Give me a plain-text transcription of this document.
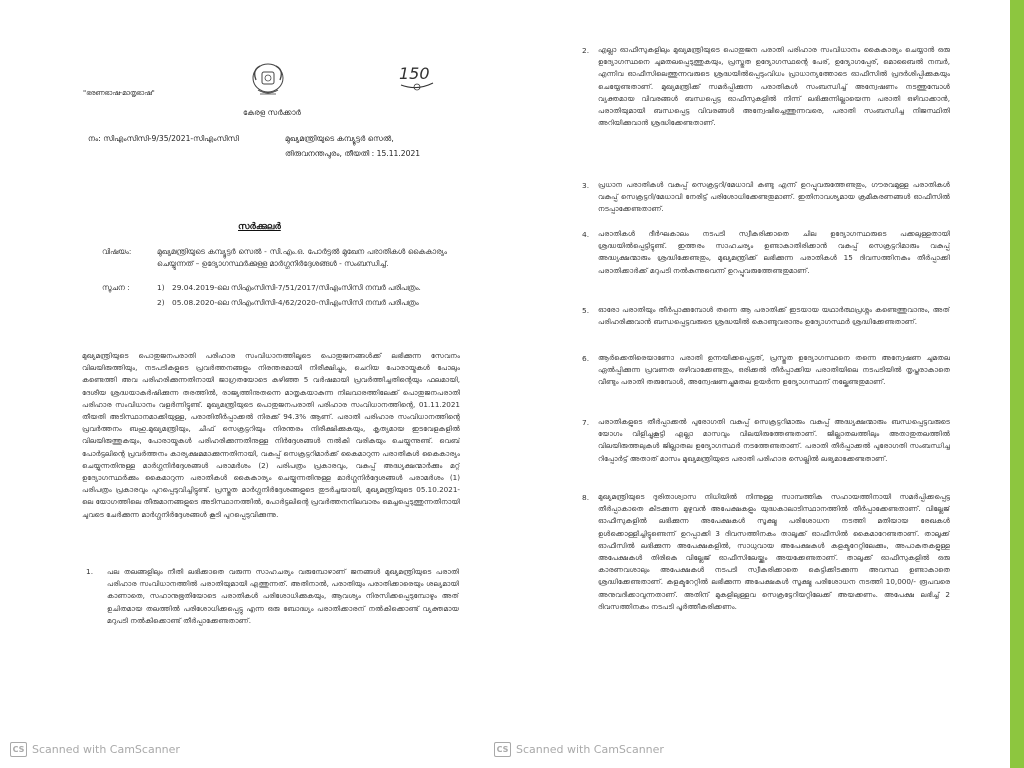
"ഭരണഭാഷ-മാതൃഭാഷ"
150
കേരള സർക്കാർ
നം: സിഎംസിസി-9/35/2021-സിഎംസിസി	മുഖ്യമന്ത്രിയുടെ കമ്പ്യൂട്ടർ സെൽ,
തിരുവനന്തപുരം, തീയതി : 15.11.2021
സർക്കുലർ
വിഷയം:	മുഖ്യമന്ത്രിയുടെ കമ്പ്യൂട്ടർ സെൽ - സി.എം.ഒ. പോർട്ടൽ മുഖേന പരാതികൾ കൈകാര്യം ചെയ്യുന്നത് – ഉദ്യോഗസ്ഥർക്കുള്ള മാർഗ്ഗനിർദ്ദേശങ്ങൾ - സംബന്ധിച്ച്.
സൂചന :	1) 29.04.2019-ലെ സിഎംസിസി-7/51/2017/സിഎംസിസി നമ്പർ പരിപത്രം.
2) 05.08.2020-ലെ സിഎംസിസി-4/62/2020-സിഎംസിസി നമ്പർ പരിപത്രം
മുഖ്യമന്ത്രിയുടെ പൊതുജനപരാതി പരിഹാര സംവിധാനത്തിലൂടെ പൊതുജനങ്ങൾക്ക് ലഭിക്കുന്ന സേവനം വിലയിരുത്തിയും, നടപടികളുടെ പ്രവർത്തനങ്ങളും നിരന്തരമായി നിരീക്ഷിച്ചും, ചെറിയ പോരായ്മകൾ പോലും കണ്ടെത്തി അവ പരിഹരിക്കുന്നതിനായി ജാഗ്രതയോടെ കഴിഞ്ഞ 5 വർഷമായി പ്രവർത്തിച്ചതിന്റെയും ഫലമായി, ദേശീയ ശ്രദ്ധയാകർഷിക്കുന്ന തരത്തിൽ, രാജ്യത്തിനുതന്നെ മാതൃകയാകുന്ന നിലവാരത്തിലേക്ക് പൊതുജനപരാതി പരിഹാര സംവിധാനം വളർന്നിട്ടുണ്ട്. മുഖ്യമന്ത്രിയുടെ പൊതുജനപരാതി പരിഹാര സംവിധാനത്തിന്റെ, 01.11.2021 തീയതി അടിസ്ഥാനമാക്കിയുള്ള, പരാതിതീർപ്പാക്കൽ നിരക്ക് 94.3% ആണ്. പരാതി പരിഹാര സംവിധാനത്തിന്റെ പ്രവർത്തനം ബഹു.മുഖ്യമന്ത്രിയും, ചീഫ് സെക്രട്ടറിയും നിരന്തരം നിരീക്ഷിക്കുകയും, കൃത്യമായ ഇടവേളകളിൽ വിലയിരുത്തുകയും, പോരായ്മകൾ പരിഹരിക്കുന്നതിനുള്ള നിർദ്ദേശങ്ങൾ നൽകി വരികയും ചെയ്യുന്നുണ്ട്. വെബ് പോർട്ടലിന്റെ പ്രവർത്തനം കാര്യക്ഷമമാക്കുന്നതിനായി, വകുപ്പ് സെക്രട്ടറിമാർക്ക് കൈമാറുന്ന പരാതികൾ കൈകാര്യം ചെയ്യുന്നതിനുള്ള മാർഗ്ഗനിർദ്ദേശങ്ങൾ പരാമർശം (2) പരിപത്രം പ്രകാരവും, വകുപ്പ് അദ്ധ്യക്ഷന്മാർക്കും മറ്റ് ഉദ്യോഗസ്ഥർക്കും കൈമാറുന്ന പരാതികൾ കൈകാര്യം ചെയ്യുന്നതിനുള്ള മാർഗ്ഗനിർദ്ദേശങ്ങൾ പരാമർശം (1) പരിപത്രം പ്രകാരവും പുറപ്പെടുവിച്ചിട്ടുണ്ട്. പ്രസ്തുത മാർഗ്ഗനിർദ്ദേശങ്ങളുടെ തുടർച്ചയായി, മുഖ്യമന്ത്രിയുടെ 05.10.2021-ലെ യോഗത്തിലെ തീരുമാനങ്ങളുടെ അടിസ്ഥാനത്തിൽ, പോർട്ടലിന്റെ പ്രവർത്തനനിലവാരം മെച്ചപ്പെടുത്തുന്നതിനായി ചുവടെ ചേർക്കുന്ന മാർഗ്ഗനിർദ്ദേശങ്ങൾ കൂടി പുറപ്പെടുവിക്കുന്നു.
1. പല തലങ്ങളിലും നീതി ലഭിക്കാതെ വരുന്ന സാഹചര്യം വരുമ്പോഴാണ് ജനങ്ങൾ മുഖ്യമന്ത്രിയുടെ പരാതി പരിഹാര സംവിധാനത്തിൽ പരാതിയുമായി എത്തുന്നത്. അതിനാൽ, പരാതിയും പരാതിക്കാരെയും ശല്യമായി കാണാതെ, സഹാനുഭൂതിയോടെ പരാതികൾ പരിശോധിക്കുകയും, ആവശ്യം നിരസിക്കപ്പെടുമ്പോഴും അത് ഉചിതമായ തലത്തിൽ പരിശോധിക്കപ്പെട്ടു എന്ന ഒരു ബോദ്ധ്യം പരാതിക്കാരന് നൽകിക്കൊണ്ട് വ്യക്തമായ മറുപടി നൽകിക്കൊണ്ട് തീർപ്പാക്കേണ്ടതാണ്.
CS Scanned with CamScanner
2. എല്ലാ ഓഫീസുകളിലും മുഖ്യമന്ത്രിയുടെ പൊതുജന പരാതി പരിഹാര സംവിധാനം കൈകാര്യം ചെയ്യാൻ ഒരു ഉദ്യോഗസ്ഥനെ ചുമതലപ്പെടുത്തുകയും, പ്രസ്തുത ഉദ്യോഗസ്ഥന്റെ പേര്, ഉദ്യോഗപ്പേര്, മൊബൈൽ നമ്പർ, എന്നിവ ഓഫീസിലെത്തുന്നവരുടെ ശ്രദ്ധയിൽപ്പെടുംവിധം പ്രാധാന്യത്തോടെ ഓഫീസിൽ പ്രദർശിപ്പിക്കുകയും ചെയ്യേണ്ടതാണ്. മുഖ്യമന്ത്രിക്ക് സമർപ്പിക്കുന്ന പരാതികൾ സംബന്ധിച്ച് അന്വേഷണം നടത്തുമ്പോൾ വ്യക്തമായ വിവരങ്ങൾ ബന്ധപ്പെട്ട ഓഫീസുകളിൽ നിന്ന് ലഭിക്കുന്നില്ലായെന്ന പരാതി ഒഴിവാക്കാൻ, പരാതിയുമായി ബന്ധപ്പെട്ട വിവരങ്ങൾ അന്വേഷിച്ചെത്തുന്നവരെ, പരാതി സംബന്ധിച്ച നിജസ്ഥിതി അറിയിക്കുവാൻ ശ്രദ്ധിക്കേണ്ടതാണ്.
3. പ്രധാന പരാതികൾ വകുപ്പ് സെക്രട്ടറി/മേധാവി കണ്ടു എന്ന് ഉറപ്പുവരുത്തേണ്ടതും, ഗൗരവമുള്ള പരാതികൾ വകുപ്പ് സെക്രട്ടറി/മേധാവി നേരിട്ട് പരിശോധിക്കേണ്ടതുമാണ്. ഇതിനാവശ്യമായ ക്രമീകരണങ്ങൾ ഓഫീസിൽ നടപ്പാക്കേണ്ടതാണ്.
4. പരാതികൾ ദീർഘകാലം നടപടി സ്വീകരിക്കാതെ ചില ഉദ്യോഗസ്ഥരുടെ പക്കലുള്ളതായി ശ്രദ്ധയിൽപ്പെട്ടിട്ടുണ്ട്. ഇത്തരം സാഹചര്യം ഉണ്ടാകാതിരിക്കാൻ വകുപ്പ് സെക്രട്ടറിമാരും വകുപ്പ് അദ്ധ്യക്ഷന്മാരും ശ്രദ്ധിക്കേണ്ടതും, മുഖ്യമന്ത്രിക്ക് ലഭിക്കുന്ന പരാതികൾ 15 ദിവസത്തിനകം തീർപ്പാക്കി പരാതിക്കാർക്ക് മറുപടി നൽകുന്നുവെന്ന് ഉറപ്പുവരുത്തേണ്ടതുമാണ്.
5. ഓരോ പരാതിയും തീർപ്പാക്കുമ്പോൾ തന്നെ ആ പരാതിക്ക് ഇടയായ യഥാർത്ഥപ്രശ്നം കണ്ടെത്തുവാനും, അത് പരിഹരിക്കുവാൻ ബന്ധപ്പെട്ടവരുടെ ശ്രദ്ധയിൽ കൊണ്ടുവരാനും ഉദ്യോഗസ്ഥർ ശ്രദ്ധിക്കേണ്ടതാണ്.
6. ആർക്കെതിരെയാണോ പരാതി ഉന്നയിക്കപ്പെട്ടത്, പ്രസ്തുത ഉദ്യോഗസ്ഥനെ തന്നെ അന്വേഷണ ചുമതല ഏൽപ്പിക്കുന്ന പ്രവണത ഒഴിവാക്കേണ്ടതും, ഒരിക്കൽ തീർപ്പാക്കിയ പരാതിയിലെ നടപടിയിൽ തൃപ്തരാകാതെ വീണ്ടും പരാതി തരുമ്പോൾ, അന്വേഷണച്ചുമതല ഉയർന്ന ഉദ്യോഗസ്ഥന് നല്കേണ്ടതുമാണ്.
7. പരാതികളുടെ തീർപ്പാക്കൽ പുരോഗതി വകുപ്പ് സെക്രട്ടറിമാരും വകുപ്പ് അദ്ധ്യക്ഷന്മാരും ബന്ധപ്പെട്ടവരുടെ യോഗം വിളിച്ചുകൂട്ടി എല്ലാ മാസവും വിലയിരുത്തേണ്ടതാണ്. ജില്ലാതലത്തിലും അതാതുതലത്തിൽ വിലയിരുത്തലുകൾ ജില്ലാതല ഉദ്യോഗസ്ഥർ നടത്തേണ്ടതാണ്. പരാതി തീർപ്പാക്കൽ പുരോഗതി സംബന്ധിച്ച റിപ്പോർട്ട് അതാത് മാസം മുഖ്യമന്ത്രിയുടെ പരാതി പരിഹാര സെല്ലിൽ ലഭ്യമാക്കേണ്ടതാണ്.
8. മുഖ്യമന്ത്രിയുടെ ദുരിതാശ്വാസ നിധിയിൽ നിന്നുള്ള സാമ്പത്തിക സഹായത്തിനായി സമർപ്പിക്കപ്പെട്ട തീർപ്പാകാതെ കിടക്കുന്ന മുഴുവൻ അപേക്ഷകളും യുദ്ധകാലാടിസ്ഥാനത്തിൽ തീർപ്പാക്കേണ്ടതാണ്. വില്ലേജ് ഓഫീസുകളിൽ ലഭിക്കുന്ന അപേക്ഷകൾ സൂക്ഷ്മ പരിശോധന നടത്തി മതിയായ രേഖകൾ ഉൾക്കൊള്ളിച്ചിട്ടുണ്ടെന്ന് ഉറപ്പാക്കി 3 ദിവസത്തിനകം താലൂക്ക് ഓഫീസിൽ കൈമാറേണ്ടതാണ്. താലൂക്ക് ഓഫീസിൽ ലഭിക്കുന്ന അപേക്ഷകളിൽ, സാധുവായ അപേക്ഷകൾ കളക്ടറേറ്റിലേക്കും, അപാകതകളുള്ള അപേക്ഷകൾ തിരികെ വില്ലേജ് ഓഫീസിലേയ്ക്കും അയക്കേണ്ടതാണ്. താലൂക്ക് ഓഫീസുകളിൽ ഒരു കാരണവശാലും അപേക്ഷകൾ നടപടി സ്വീകരിക്കാതെ കെട്ടിക്കിടക്കുന്ന അവസ്ഥ ഉണ്ടാകാതെ ശ്രദ്ധിക്കേണ്ടതാണ്. കളക്ടറേറ്റിൽ ലഭിക്കുന്ന അപേക്ഷകൾ സൂക്ഷ്മ പരിശോധന നടത്തി 10,000/- രൂപവരെ അനുവദിക്കാവുന്നതാണ്. അതിന് മുകളിലുള്ളവ സെക്രട്ടേറിയറ്റിലേക്ക് അയക്കണം. അപേക്ഷ ലഭിച്ച് 2 ദിവസത്തിനകം നടപടി പൂർത്തീകരിക്കണം.
CS Scanned with CamScanner
